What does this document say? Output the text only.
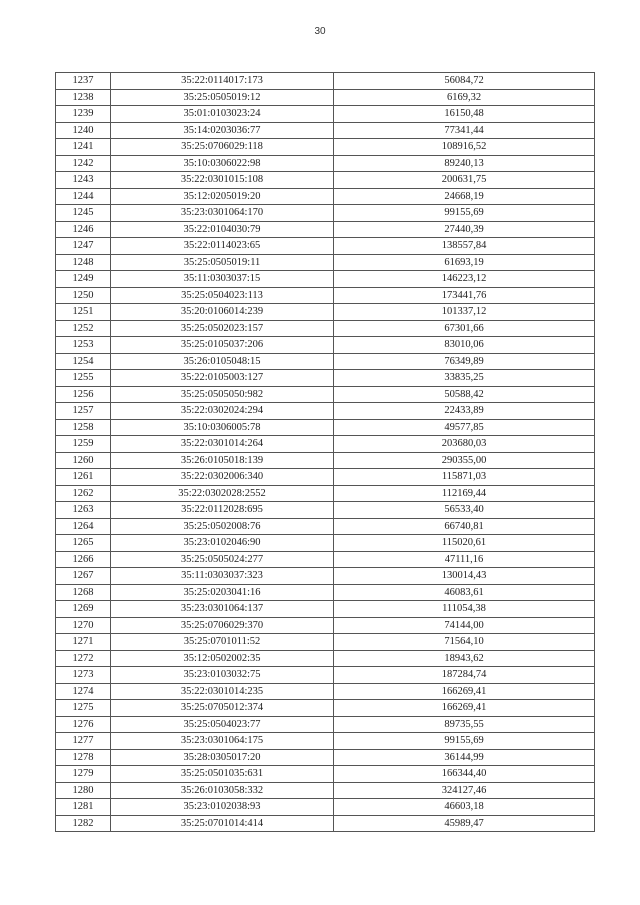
30
1237	35:22:0114017:173	56084,72
1238	35:25:0505019:12	6169,32
1239	35:01:0103023:24	16150,48
1240	35:14:0203036:77	77341,44
1241	35:25:0706029:118	108916,52
1242	35:10:0306022:98	89240,13
1243	35:22:0301015:108	200631,75
1244	35:12:0205019:20	24668,19
1245	35:23:0301064:170	99155,69
1246	35:22:0104030:79	27440,39
1247	35:22:0114023:65	138557,84
1248	35:25:0505019:11	61693,19
1249	35:11:0303037:15	146223,12
1250	35:25:0504023:113	173441,76
1251	35:20:0106014:239	101337,12
1252	35:25:0502023:157	67301,66
1253	35:25:0105037:206	83010,06
1254	35:26:0105048:15	76349,89
1255	35:22:0105003:127	33835,25
1256	35:25:0505050:982	50588,42
1257	35:22:0302024:294	22433,89
1258	35:10:0306005:78	49577,85
1259	35:22:0301014:264	203680,03
1260	35:26:0105018:139	290355,00
1261	35:22:0302006:340	115871,03
1262	35:22:0302028:2552	112169,44
1263	35:22:0112028:695	56533,40
1264	35:25:0502008:76	66740,81
1265	35:23:0102046:90	115020,61
1266	35:25:0505024:277	47111,16
1267	35:11:0303037:323	130014,43
1268	35:25:0203041:16	46083,61
1269	35:23:0301064:137	111054,38
1270	35:25:0706029:370	74144,00
1271	35:25:0701011:52	71564,10
1272	35:12:0502002:35	18943,62
1273	35:23:0103032:75	187284,74
1274	35:22:0301014:235	166269,41
1275	35:25:0705012:374	166269,41
1276	35:25:0504023:77	89735,55
1277	35:23:0301064:175	99155,69
1278	35:28:0305017:20	36144,99
1279	35:25:0501035:631	166344,40
1280	35:26:0103058:332	324127,46
1281	35:23:0102038:93	46603,18
1282	35:25:0701014:414	45989,47
